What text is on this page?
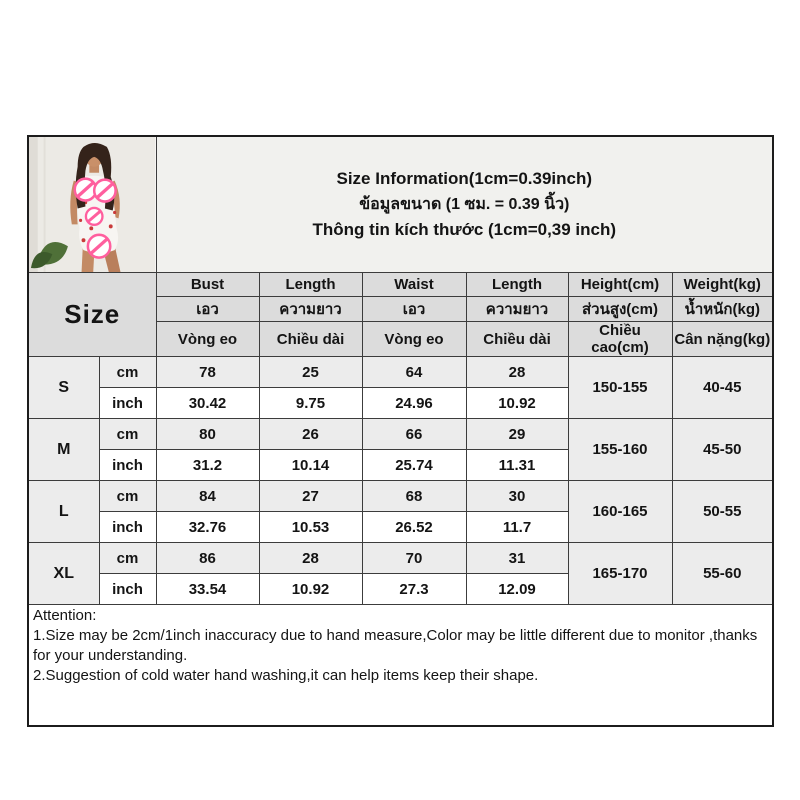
Size Information(1cm=0.39inch)
ข้อมูลขนาด (1 ซม. = 0.39 นิ้ว)
Thông tin kích thước (1cm=0,39 inch)					

Size		Bust	Length	Waist	Length	Height(cm)	Weight(kg)
		เอว	ความยาว	เอว	ความยาว	ส่วนสูง(cm)	น้ำหนัก(kg)
		Vòng eo	Chiều dài	Vòng eo	Chiều dài	Chiều cao(cm)	Cân nặng(kg)
S	cm	78	25	64	28	150-155	40-45
	inch	30.42	9.75	24.96	10.92		
M	cm	80	26	66	29	155-160	45-50
	inch	31.2	10.14	25.74	11.31		
L	cm	84	27	68	30	160-165	50-55
	inch	32.76	10.53	26.52	11.7		
XL	cm	86	28	70	31	165-170	55-60
	inch	33.54	10.92	27.3	12.09		

Attention:
1.Size may be 2cm/1inch inaccuracy due to hand measure,Color may be little different due to monitor ,thanks for your understanding.
2.Suggestion of cold water hand washing,it can help items keep their shape.							
